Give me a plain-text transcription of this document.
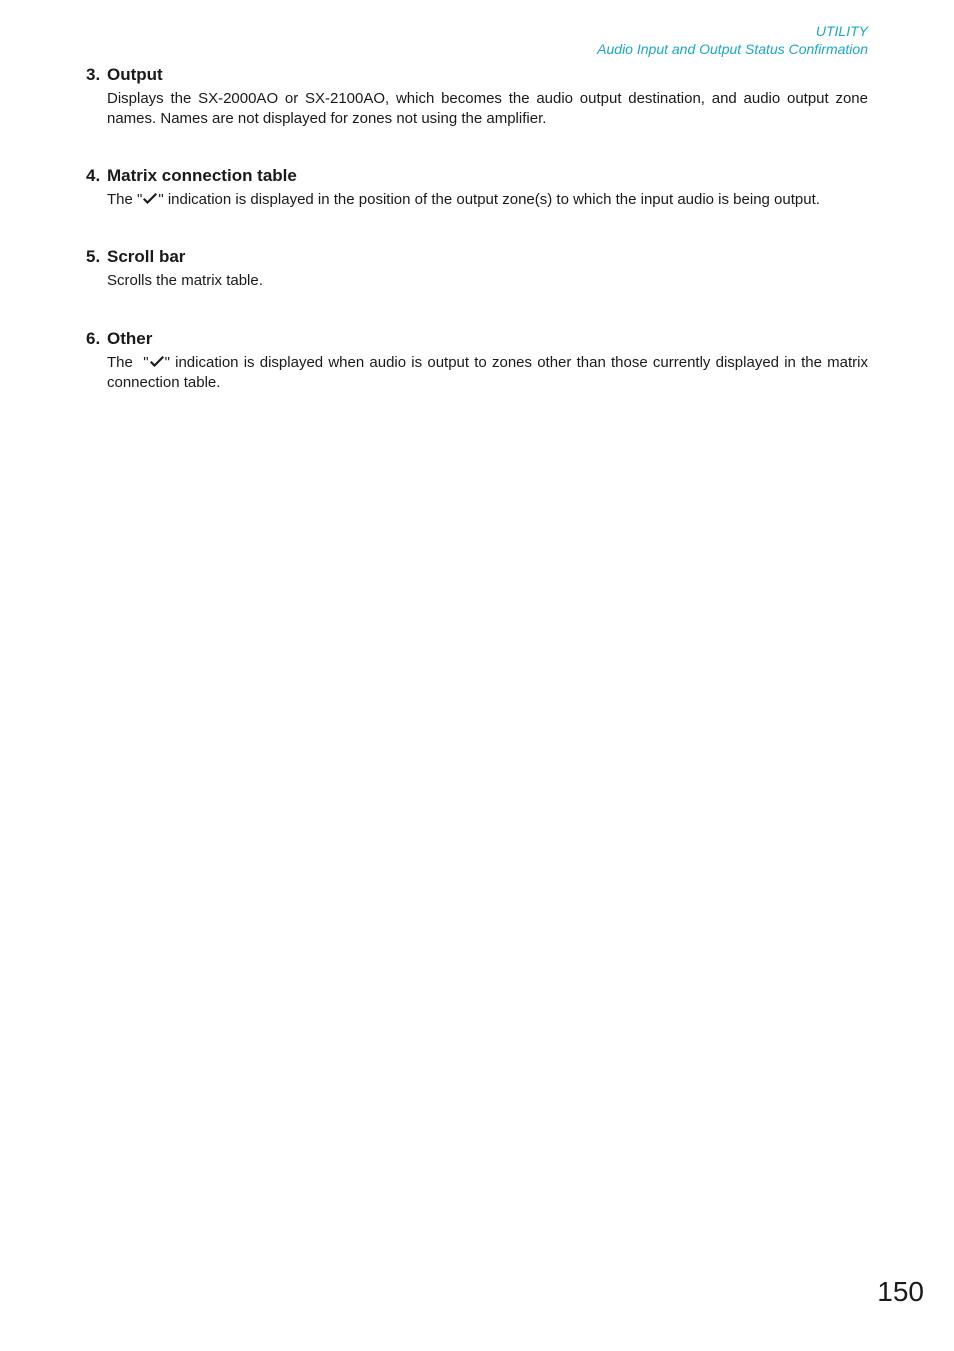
UTILITY
Audio Input and Output Status Confirmation
3. Output

Displays the SX-2000AO or SX-2100AO, which becomes the audio output destination, and audio output zone names. Names are not displayed for zones not using the amplifier.

4. Matrix connection table

The " " indication is displayed in the position of the output zone(s) to which the input audio is being output.

5. Scroll bar

Scrolls the matrix table.

6. Other

The  " " indication is displayed when audio is output to zones other than those currently displayed in the matrix connection table.

150
